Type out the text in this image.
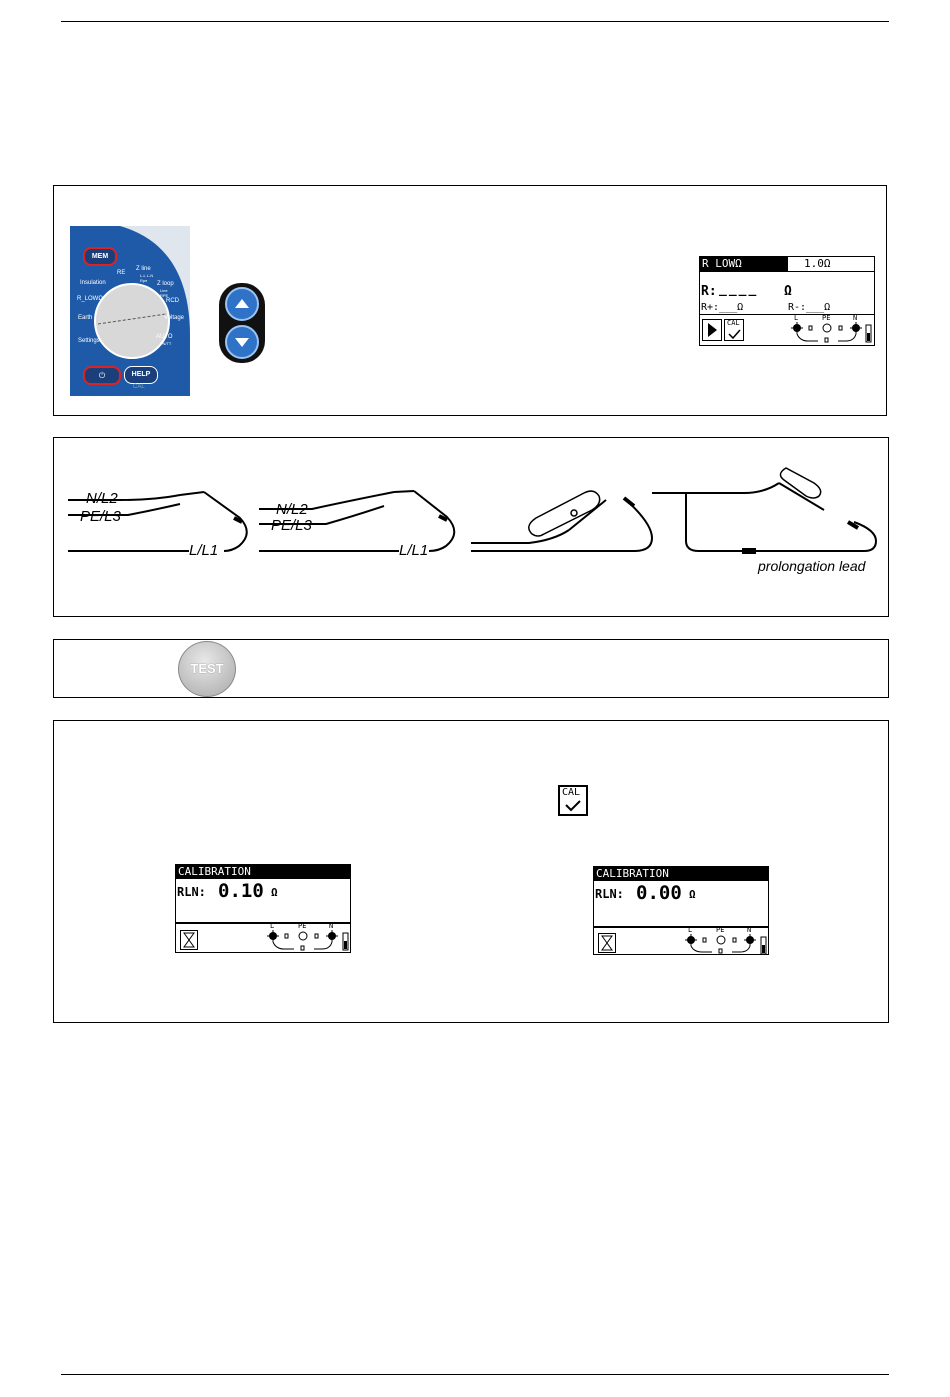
MEM
⏻	HELP
CAL
Insulation
R_LOWΩ
Earth
Settings
RE
Z line
L-L L-N
Rpe
Z loop
Line
RPE
RCD
Voltage
AUTO
TN/TT
R LOWΩ	1.0Ω
R: ____ Ω
R+:___Ω	R-:___Ω
CAL
L	PE	N
N/L2
PE/L3
L/L1
N/L2
PE/L3
L/L1
prolongation lead
TEST
CAL
CALIBRATION
RLN: 0.10 Ω
L	PE	N
CALIBRATION
RLN: 0.00 Ω
L	PE	N
